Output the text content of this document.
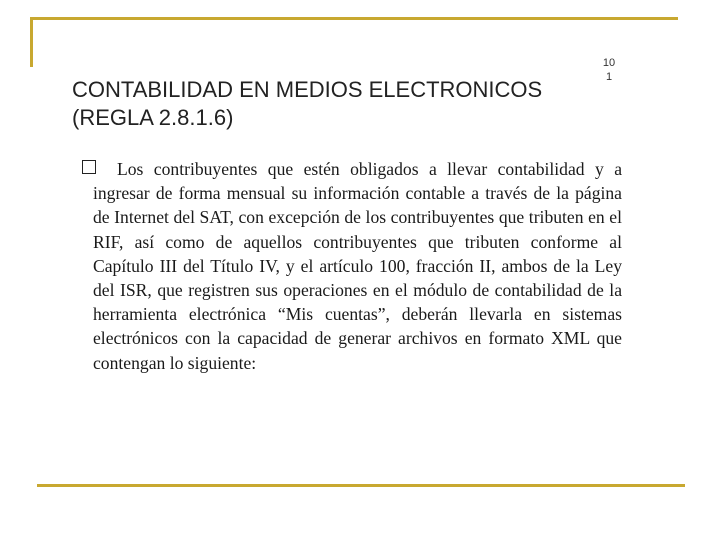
10
1
CONTABILIDAD EN MEDIOS ELECTRONICOS
(REGLA 2.8.1.6)

Los contribuyentes que estén obligados a llevar contabilidad y a ingresar de forma mensual su información contable a través de la página de Internet del SAT, con excepción de los contribuyentes que tributen en el RIF, así como de aquellos contribuyentes que tributen conforme al Capítulo III del Título IV, y el artículo 100, fracción II, ambos de la Ley del ISR, que registren sus operaciones en el módulo de contabilidad de la herramienta electrónica “Mis cuentas”, deberán llevarla en sistemas electrónicos con la capacidad de generar archivos en formato XML que contengan lo siguiente:
